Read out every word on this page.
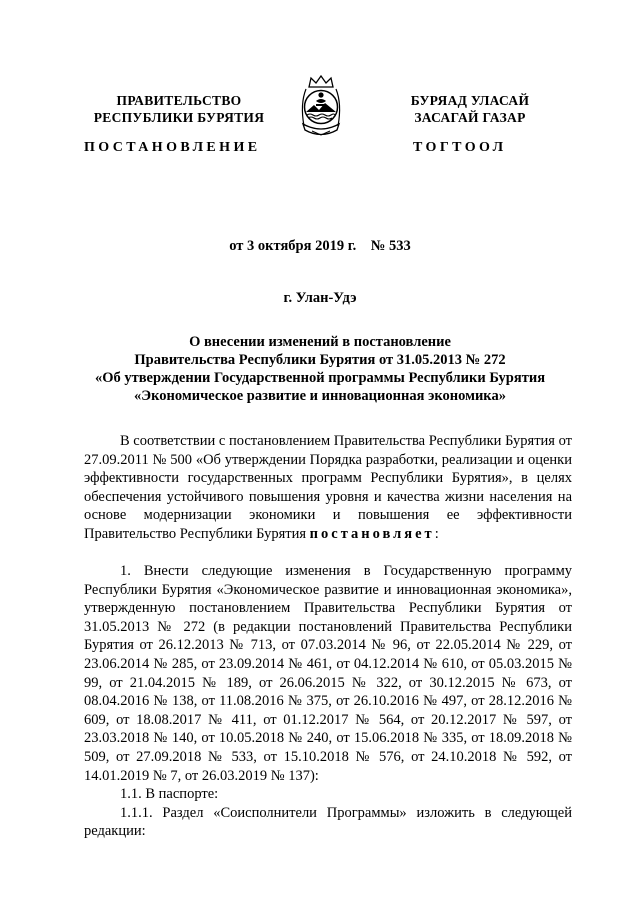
ПРАВИТЕЛЬСТВО
РЕСПУБЛИКИ БУРЯТИЯ
БУРЯАД УЛАСАЙ
ЗАСАГАЙ ГАЗАР
ПОСТАНОВЛЕНИЕ	ТОГТООЛ
от 3 октября 2019 г.    № 533
г. Улан-Удэ
О внесении изменений в постановление
Правительства Республики Бурятия от 31.05.2013 № 272
«Об утверждении Государственной программы Республики Бурятия
«Экономическое развитие и инновационная экономика»

В соответствии с постановлением Правительства Республики Бурятия от 27.09.2011 № 500 «Об утверждении Порядка разработки, реализации и оценки эффективности государственных программ Республики Бурятия», в целях обеспечения устойчивого повышения уровня и качества жизни населения на основе модернизации экономики и повышения ее эффективности Правительство Республики Бурятия постановляет:

1. Внести следующие изменения в Государственную программу Республики Бурятия «Экономическое развитие и инновационная экономика», утвержденную постановлением Правительства Республики Бурятия от 31.05.2013 № 272 (в редакции постановлений Правительства Республики Бурятия от 26.12.2013 № 713, от 07.03.2014 № 96, от 22.05.2014 № 229, от 23.06.2014 № 285, от 23.09.2014 № 461, от 04.12.2014 № 610, от 05.03.2015 № 99, от 21.04.2015 № 189, от 26.06.2015 № 322, от 30.12.2015 № 673, от 08.04.2016 № 138, от 11.08.2016 № 375, от 26.10.2016 № 497, от 28.12.2016 № 609, от 18.08.2017 № 411, от 01.12.2017 № 564, от 20.12.2017 № 597, от 23.03.2018 № 140, от 10.05.2018 № 240, от 15.06.2018 № 335, от 18.09.2018 № 509, от 27.09.2018 № 533, от 15.10.2018 № 576, от 24.10.2018 № 592, от 14.01.2019 № 7, от 26.03.2019 № 137):

1.1. В паспорте:

1.1.1. Раздел «Соисполнители Программы» изложить в следующей редакции:
